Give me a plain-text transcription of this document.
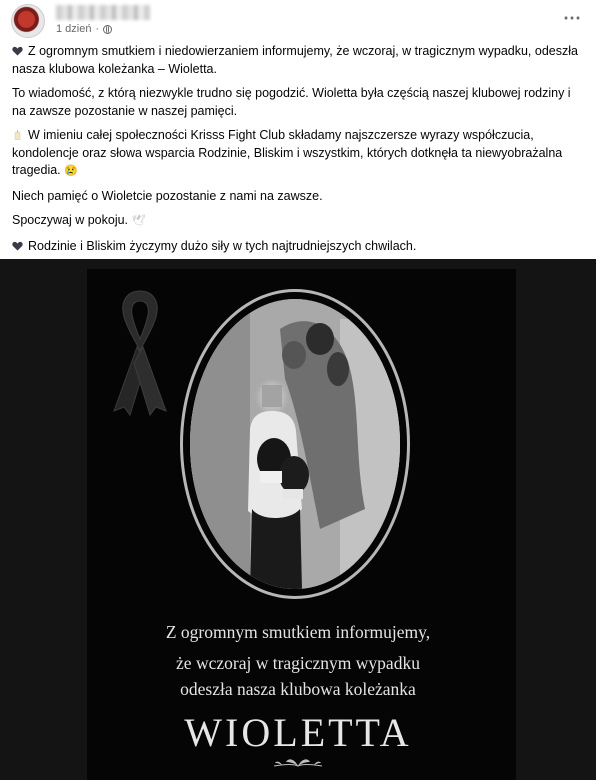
1 dzień ·
⋯

Z ogromnym smutkiem i niedowierzaniem informujemy, że wczoraj, w tragicznym wypadku, odeszła nasza klubowa koleżanka – Wioletta.

To wiadomość, z którą niezwykle trudno się pogodzić. Wioletta była częścią naszej klubowej rodziny i na zawsze pozostanie w naszej pamięci.

W imieniu całej społeczności Krisss Fight Club składamy najszczersze wyrazy współczucia, kondolencje oraz słowa wsparcia Rodzinie, Bliskim i wszystkim, których dotknęła ta niewyobrażalna tragedia. 😢

Niech pamięć o Wioletcie pozostanie z nami na zawsze.

Spoczywaj w pokoju. 🕊

Rodzinie i Bliskim życzymy dużo siły w tych najtrudniejszych chwilach.

Z ogromnym smutkiem informujemy,
że wczoraj w tragicznym wypadku
odeszła nasza klubowa koleżanka
WIOLETTA
